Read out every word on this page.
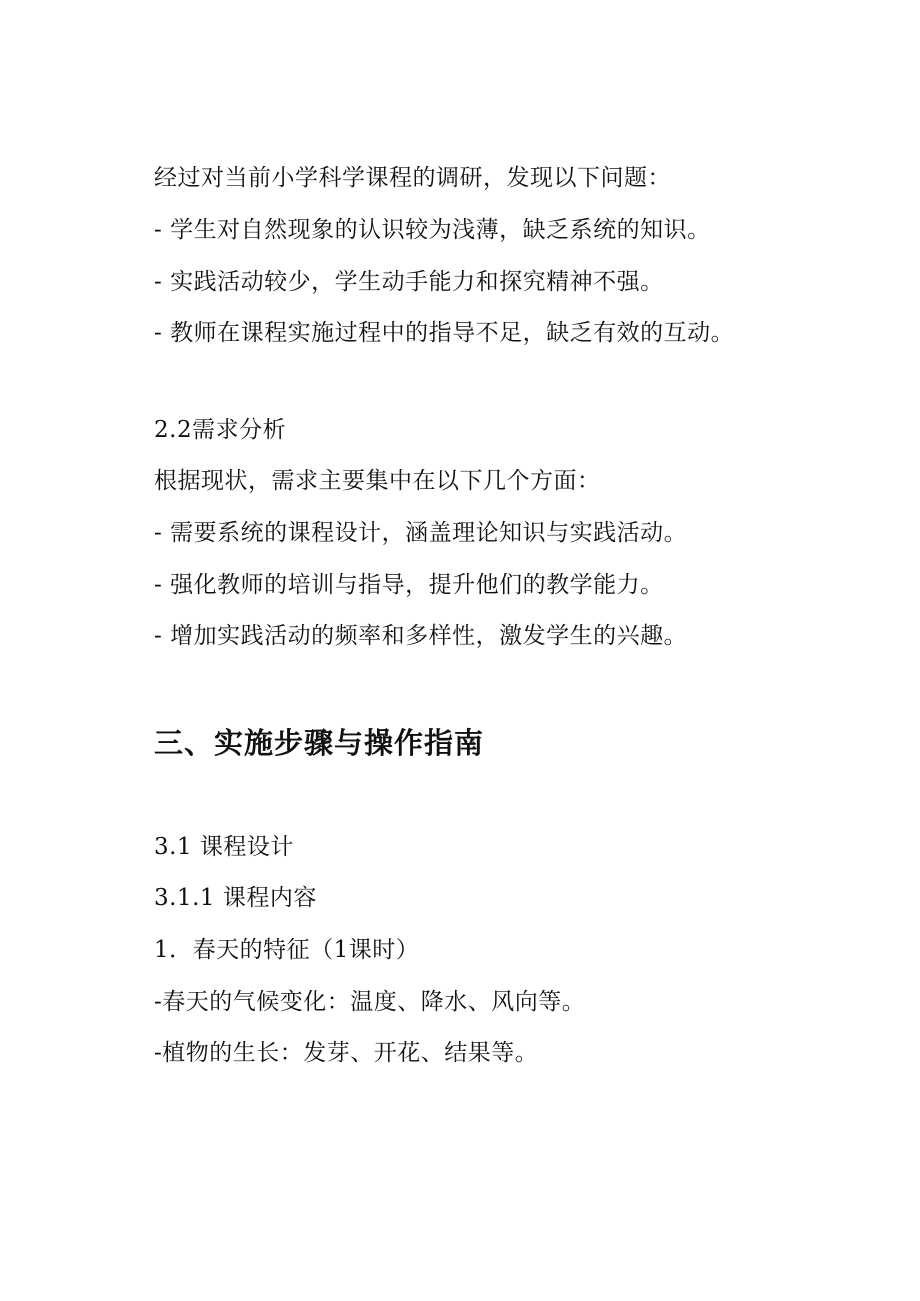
经过对当前小学科学课程的调研，发现以下问题：
- 学生对自然现象的认识较为浅薄，缺乏系统的知识。
- 实践活动较少，学生动手能力和探究精神不强。
- 教师在课程实施过程中的指导不足，缺乏有效的互动。
2.2需求分析
根据现状，需求主要集中在以下几个方面：
- 需要系统的课程设计，涵盖理论知识与实践活动。
- 强化教师的培训与指导，提升他们的教学能力。
- 增加实践活动的频率和多样性，激发学生的兴趣。
三、实施步骤与操作指南
3.1 课程设计
3.1.1 课程内容
1．春天的特征（1课时）
-春天的气候变化：温度、降水、风向等。
-植物的生长：发芽、开花、结果等。
